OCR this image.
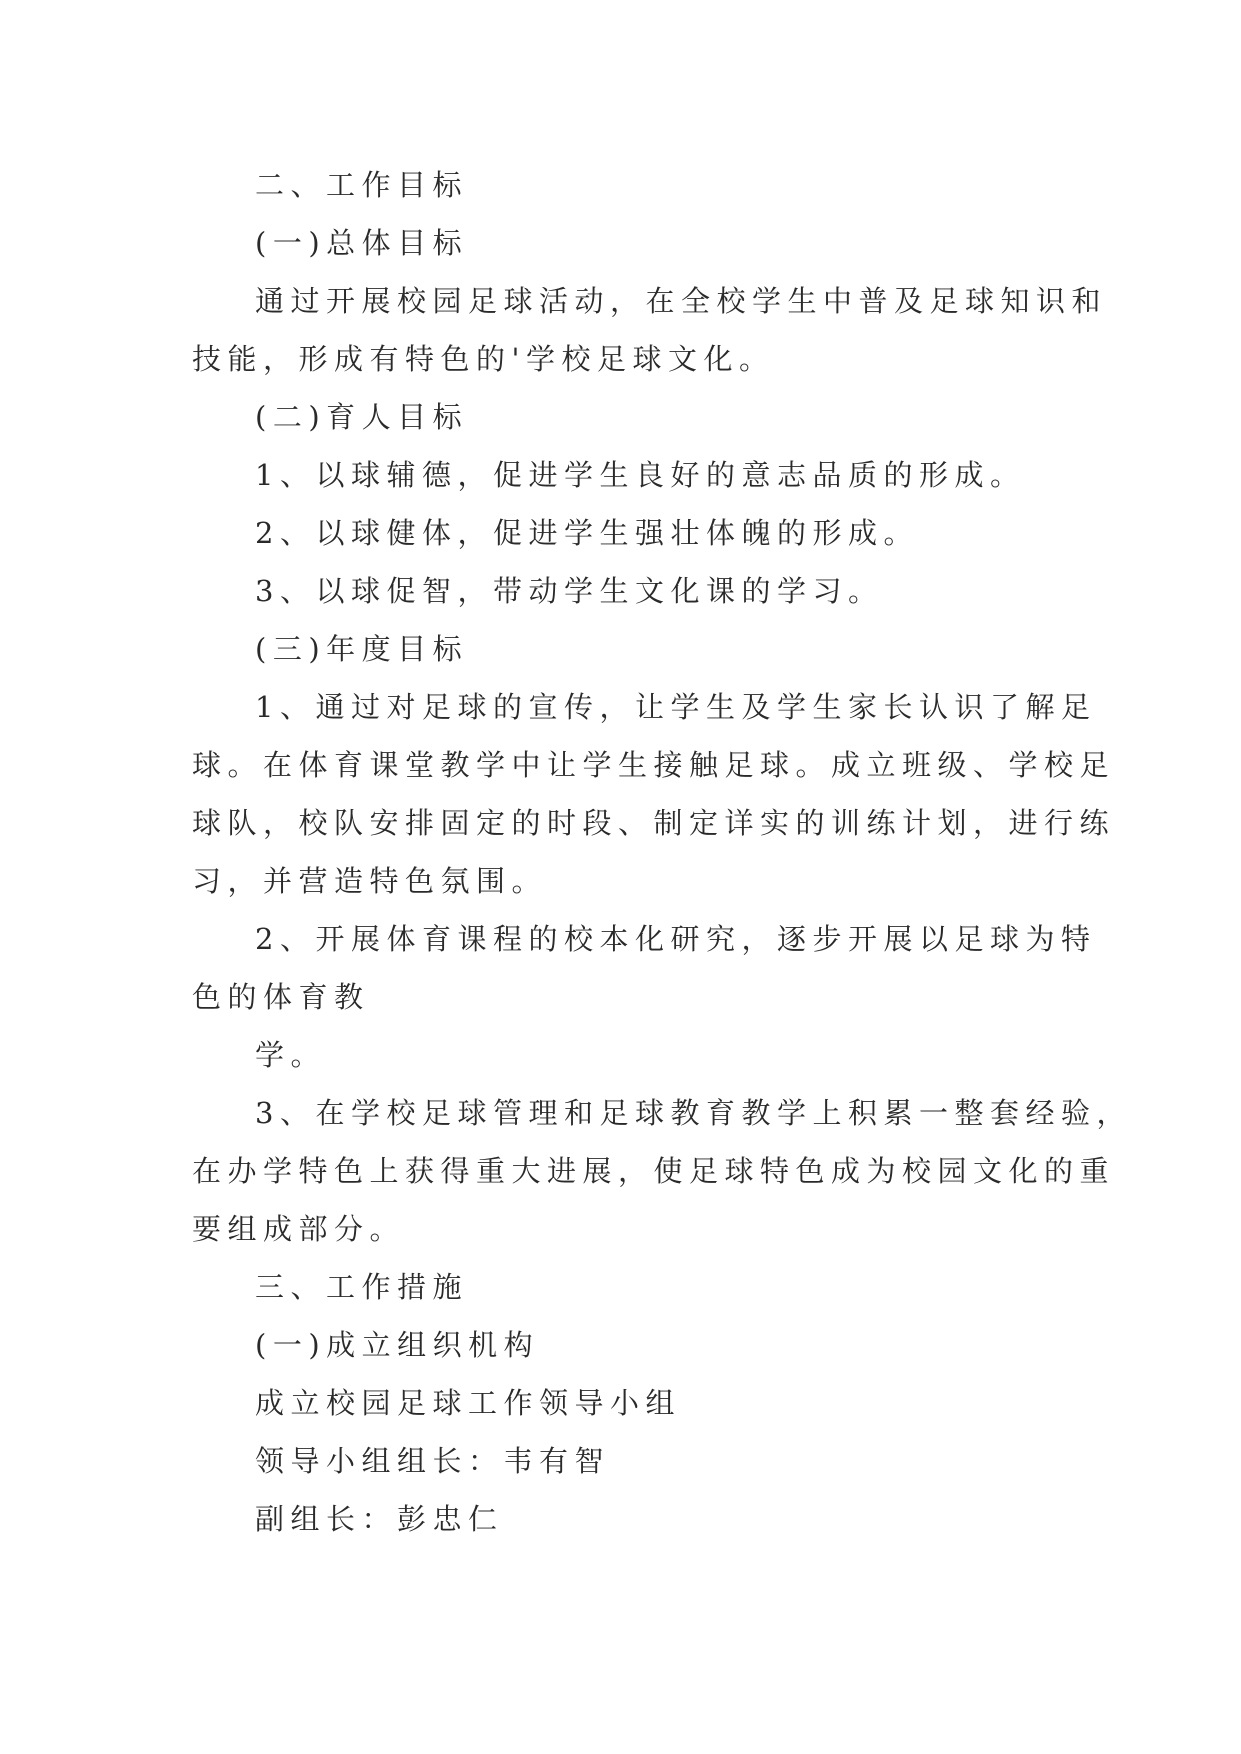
二、工作目标
(一)总体目标
通过开展校园足球活动，在全校学生中普及足球知识和
技能，形成有特色的'学校足球文化。
(二)育人目标
1、以球辅德，促进学生良好的意志品质的形成。
2、以球健体，促进学生强壮体魄的形成。
3、以球促智，带动学生文化课的学习。
(三)年度目标
1、通过对足球的宣传，让学生及学生家长认识了解足
球。在体育课堂教学中让学生接触足球。成立班级、学校足
球队，校队安排固定的时段、制定详实的训练计划，进行练
习，并营造特色氛围。
2、开展体育课程的校本化研究，逐步开展以足球为特
色的体育教
学。
3、在学校足球管理和足球教育教学上积累一整套经验，
在办学特色上获得重大进展，使足球特色成为校园文化的重
要组成部分。
三、工作措施
(一)成立组织机构
成立校园足球工作领导小组
领导小组组长：韦有智
副组长：彭忠仁
